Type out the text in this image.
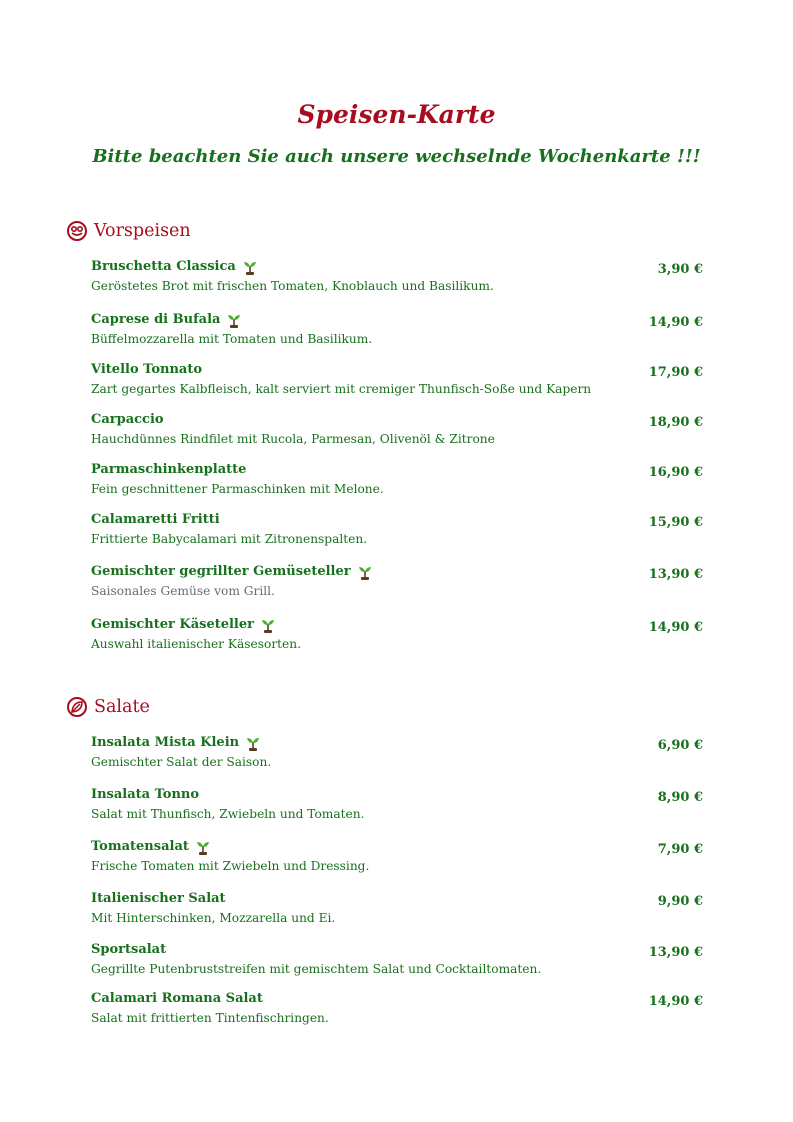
Speisen-Karte
Bitte beachten Sie auch unsere wechselnde Wochenkarte !!!
Vorspeisen
Bruschetta Classica
Geröstetes Brot mit frischen Tomaten, Knoblauch und Basilikum.
3,90 €
Caprese di Bufala
Büffelmozzarella mit Tomaten und Basilikum.
14,90 €
Vitello Tonnato
Zart gegartes Kalbfleisch, kalt serviert mit cremiger Thunfisch-Soße und Kapern
17,90 €
Carpaccio
Hauchdünnes Rindfilet mit Rucola, Parmesan, Olivenöl & Zitrone
18,90 €
Parmaschinkenplatte
Fein geschnittener Parmaschinken mit Melone.
16,90 €
Calamaretti Fritti
Frittierte Babycalamari mit Zitronenspalten.
15,90 €
Gemischter gegrillter Gemüseteller
Saisonales Gemüse vom Grill.
13,90 €
Gemischter Käseteller
Auswahl italienischer Käsesorten.
14,90 €
Salate
Insalata Mista Klein
Gemischter Salat der Saison.
6,90 €
Insalata Tonno
Salat mit Thunfisch, Zwiebeln und Tomaten.
8,90 €
Tomatensalat
Frische Tomaten mit Zwiebeln und Dressing.
7,90 €
Italienischer Salat
Mit Hinterschinken, Mozzarella und Ei.
9,90 €
Sportsalat
Gegrillte Putenbruststreifen mit gemischtem Salat und Cocktailtomaten.
13,90 €
Calamari Romana Salat
Salat mit frittierten Tintenfischringen.
14,90 €
